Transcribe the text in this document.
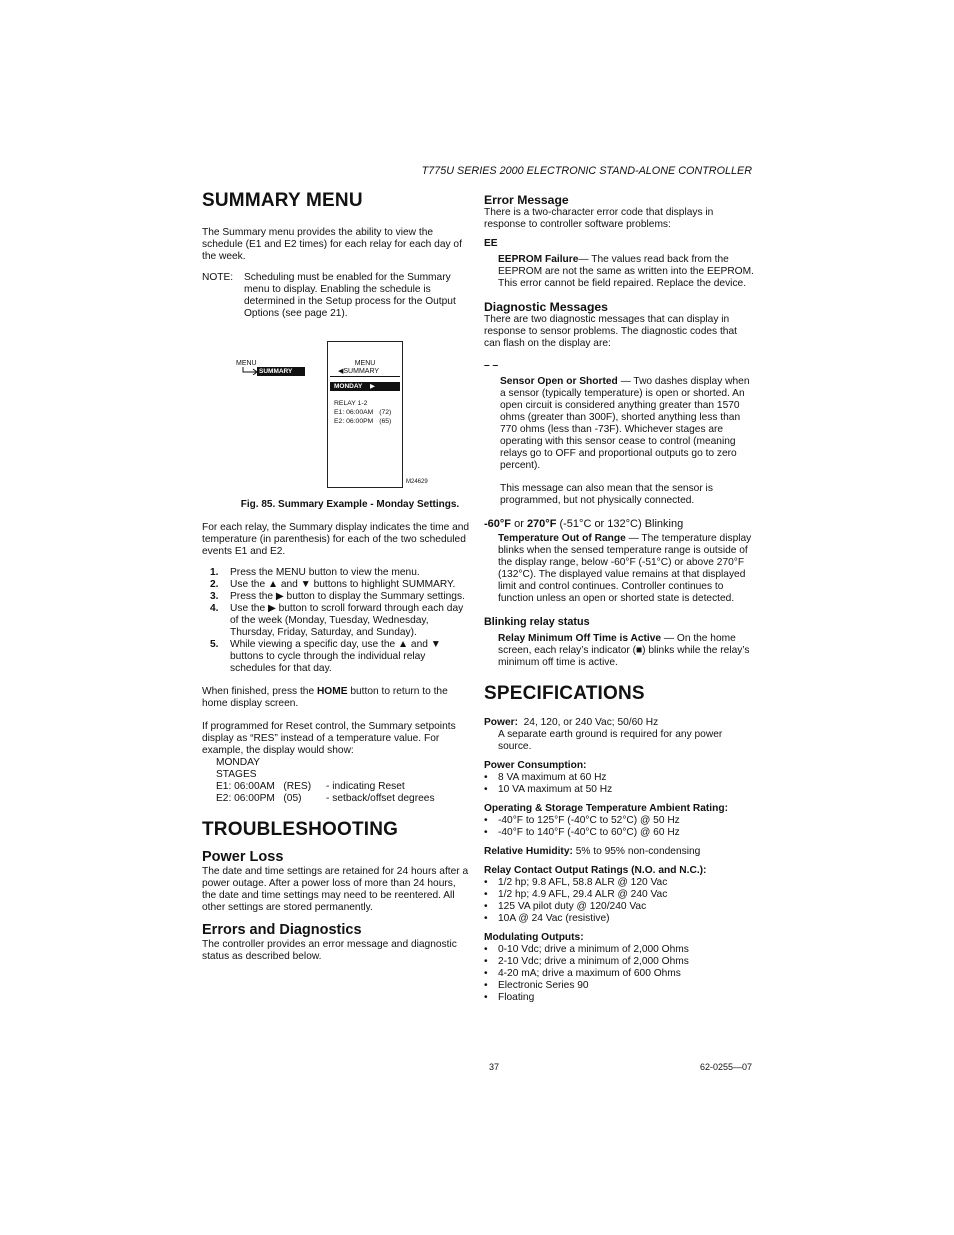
T775U SERIES 2000 ELECTRONIC STAND-ALONE CONTROLLER
SUMMARY MENU

The Summary menu provides the ability to view the schedule (E1 and E2 times) for each relay for each day of the week.

NOTE:	Scheduling must be enabled for the Summary menu to display. Enabling the schedule is determined in the Setup process for the Output Options (see page 21).
MENU
SUMMARY
MENU
◀SUMMARY
MONDAY ▶
RELAY 1-2
E1: 06:00AM (72)
E2: 06:00PM (65)
M24629
Fig. 85. Summary Example - Monday Settings.

For each relay, the Summary display indicates the time and temperature (in parenthesis) for each of the two scheduled events E1 and E2.

1.	Press the MENU button to view the menu.
2.	Use the ▲ and ▼ buttons to highlight SUMMARY.
3.	Press the ▶ button to display the Summary settings.
4.	Use the ▶ button to scroll forward through each day of the week (Monday, Tuesday, Wednesday, Thursday, Friday, Saturday, and Sunday).
5.	While viewing a specific day, use the ▲ and ▼ buttons to cycle through the individual relay schedules for that day.

When finished, press the HOME button to return to the home display screen.

If programmed for Reset control, the Summary setpoints display as “RES” instead of a temperature value. For example, the display would show:

MONDAY
STAGES
E1: 06:00AM   (RES)	- indicating Reset
E2: 06:00PM   (05)	- setback/offset degrees
TROUBLESHOOTING
Power Loss

The date and time settings are retained for 24 hours after a power outage. After a power loss of more than 24 hours, the date and time settings may need to be reentered. All other settings are stored permanently.

Errors and Diagnostics

The controller provides an error message and diagnostic status as described below.

Error Message

There is a two-character error code that displays in response to controller software problems:

EE

EEPROM Failure— The values read back from the EEPROM are not the same as written into the EEPROM. This error cannot be field repaired. Replace the device.

Diagnostic Messages

There are two diagnostic messages that can display in response to sensor problems. The diagnostic codes that can flash on the display are:

– –

Sensor Open or Shorted — Two dashes display when a sensor (typically temperature) is open or shorted. An open circuit is considered anything greater than 1570 ohms (greater than 300F), shorted anything less than 770 ohms (less than -73F). Whichever stages are operating with this sensor cease to control (meaning relays go to OFF and proportional outputs go to zero percent).

This message can also mean that the sensor is programmed, but not physically connected.

-60°F or 270°F (-51°C or 132°C) Blinking

Temperature Out of Range — The temperature display blinks when the sensed temperature range is outside of the display range, below -60°F (-51°C) or above 270°F (132°C). The displayed value remains at that displayed limit and control continues. Controller continues to function unless an open or shorted state is detected.

Blinking relay status

Relay Minimum Off Time is Active — On the home screen, each relay’s indicator (■) blinks while the relay’s minimum off time is active.

SPECIFICATIONS

Power:  24, 120, or 240 Vac; 50/60 Hz

A separate earth ground is required for any power source.

Power Consumption:

•	8 VA maximum at 60 Hz
•	10 VA maximum at 50 Hz

Operating & Storage Temperature Ambient Rating:

•	-40°F to 125°F (-40°C to 52°C) @ 50 Hz
•	-40°F to 140°F (-40°C to 60°C) @ 60 Hz

Relative Humidity: 5% to 95% non-condensing

Relay Contact Output Ratings (N.O. and N.C.):

•	1/2 hp; 9.8 AFL, 58.8 ALR @ 120 Vac
•	1/2 hp; 4.9 AFL, 29.4 ALR @ 240 Vac
•	125 VA pilot duty @ 120/240 Vac
•	10A @ 24 Vac (resistive)

Modulating Outputs:

•	0-10 Vdc; drive a minimum of 2,000 Ohms
•	2-10 Vdc; drive a minimum of 2,000 Ohms
•	4-20 mA; drive a maximum of 600 Ohms
•	Electronic Series 90
•	Floating
37	62-0255—07
